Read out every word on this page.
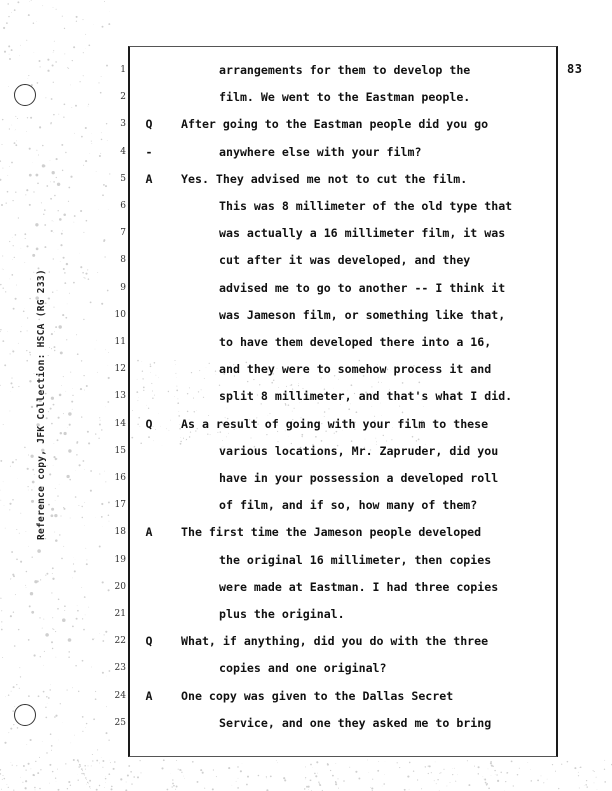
83
Reference copy, JFK Collection: HSCA (RG 233)
1	arrangements for them to develop the
2	film. We went to the Eastman people.
3	Q	After going to the Eastman people did you go
4	-	anywhere else with your film?
5	A	Yes. They advised me not to cut the film.
6	This was 8 millimeter of the old type that
7	was actually a 16 millimeter film, it was
8	cut after it was developed, and they
9	advised me to go to another -- I think it
10	was Jameson film, or something like that,
11	to have them developed there into a 16,
12	and they were to somehow process it and
13	split 8 millimeter, and that's what I did.
14	Q	As a result of going with your film to these
15	various locations, Mr. Zapruder, did you
16	have in your possession a developed roll
17	of film, and if so, how many of them?
18	A	The first time the Jameson people developed
19	the original 16 millimeter, then copies
20	were made at Eastman. I had three copies
21	plus the original.
22	Q	What, if anything, did you do with the three
23	copies and one original?
24	A	One copy was given to the Dallas Secret
25	Service, and one they asked me to bring
